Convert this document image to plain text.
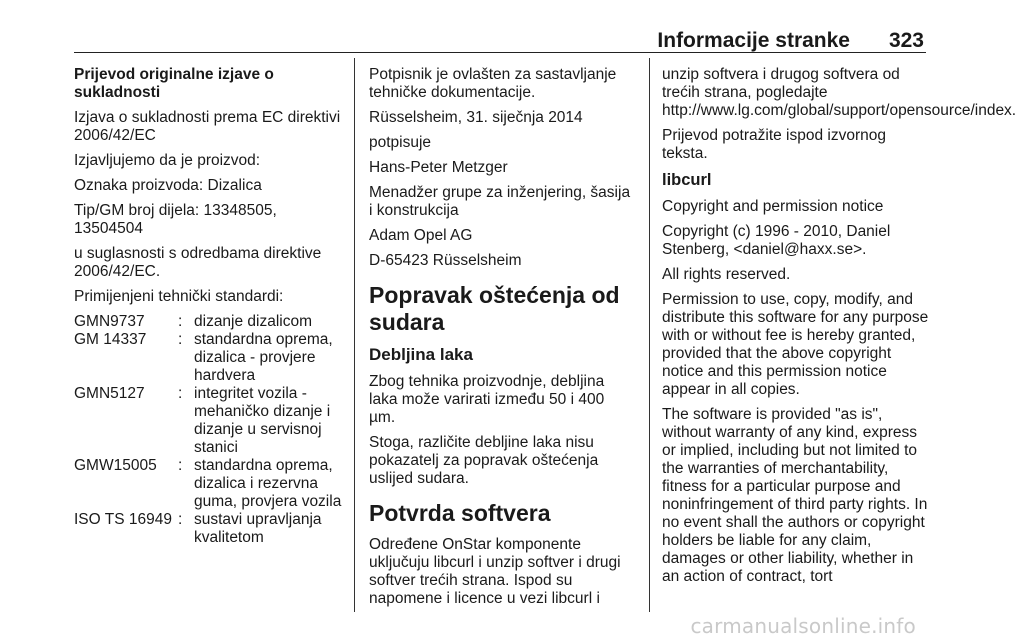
Informacije stranke 323
Prijevod originalne izjave o sukladnosti

Izjava o sukladnosti prema EC direktivi 2006/42/EC

Izjavljujemo da je proizvod:

Oznaka proizvoda: Dizalica

Tip/GM broj dijela: 13348505, 13504504

u suglasnosti s odredbama direktive 2006/42/EC.

Primijenjeni tehnički standardi:

GMN9737	:	dizanje dizalicom
GM 14337	:	standardna oprema, dizalica - provjere hardvera
GMN5127	:	integritet vozila - mehaničko dizanje i dizanje u servisnoj stanici
GMW15005	:	standardna oprema, dizalica i rezervna guma, provjera vozila
ISO TS 16949	:	sustavi upravljanja kvalitetom

Potpisnik je ovlašten za sastavljanje tehničke dokumentacije.

Rüsselsheim, 31. siječnja 2014

potpisuje

Hans-Peter Metzger

Menadžer grupe za inženjering, šasija i konstrukcija

Adam Opel AG

D-65423 Rüsselsheim

Popravak oštećenja od sudara
Debljina laka

Zbog tehnika proizvodnje, debljina laka može varirati između 50 i 400 µm.

Stoga, različite debljine laka nisu pokazatelj za popravak oštećenja uslijed sudara.

Potvrda softvera

Određene OnStar komponente uključuju libcurl i unzip softver i drugi softver trećih strana. Ispod su napomene i licence u vezi libcurl i

unzip softvera i drugog softvera od trećih strana, pogledajte http://www.lg.com/global/support/opensource/index.

Prijevod potražite ispod izvornog teksta.

libcurl

Copyright and permission notice

Copyright (c) 1996 - 2010, Daniel Stenberg, <daniel@haxx.se>.

All rights reserved.

Permission to use, copy, modify, and distribute this software for any purpose with or without fee is hereby granted, provided that the above copyright notice and this permission notice appear in all copies.

The software is provided "as is", without warranty of any kind, express or implied, including but not limited to the warranties of merchantability, fitness for a particular purpose and noninfringement of third party rights. In no event shall the authors or copyright holders be liable for any claim, damages or other liability, whether in an action of contract, tort

carmanualsonline.info
